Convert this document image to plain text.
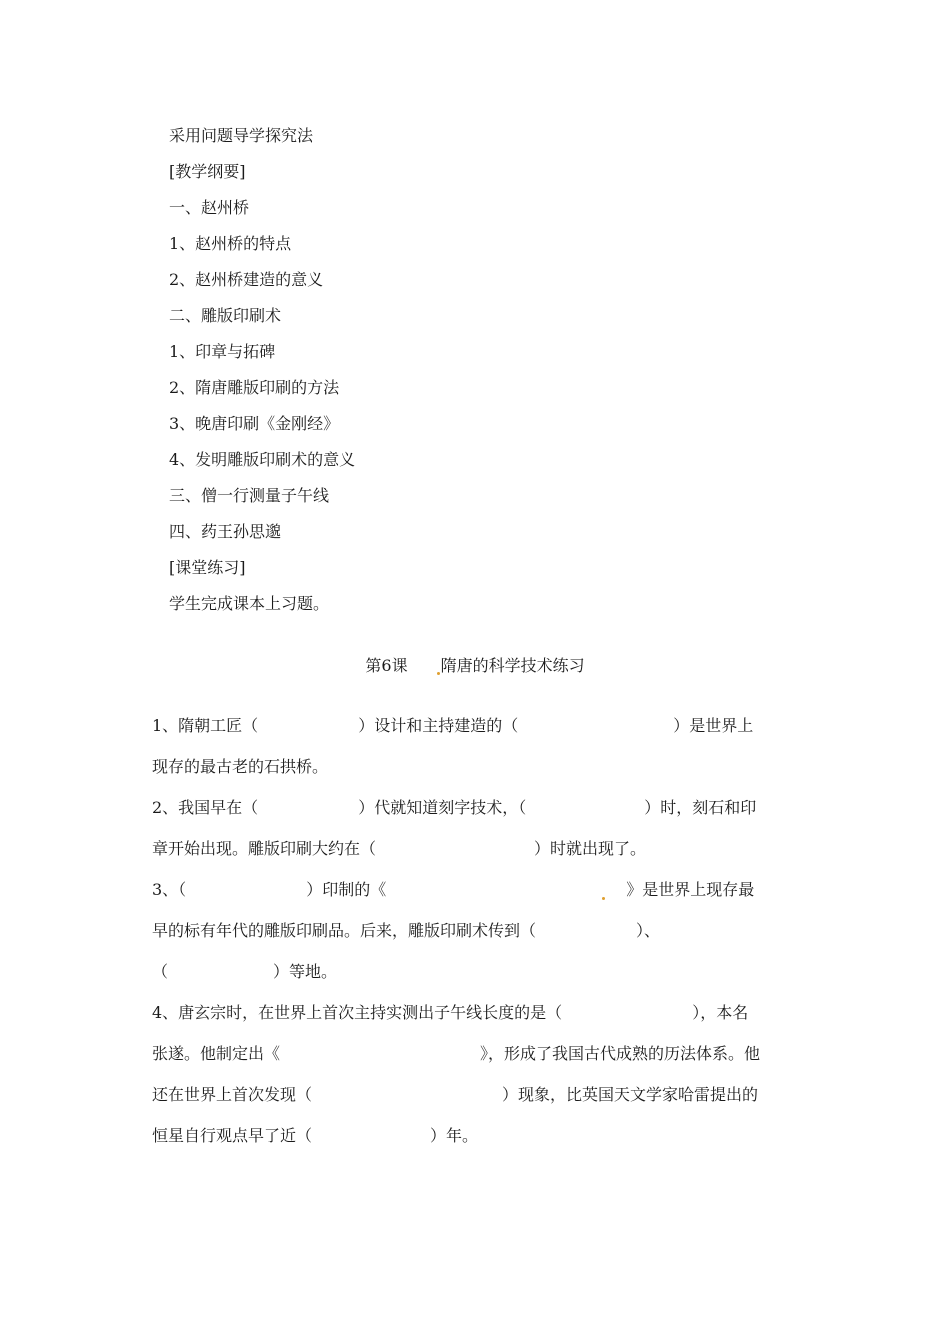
采用问题导学探究法
[教学纲要]
一、赵州桥
1、赵州桥的特点
2、赵州桥建造的意义
二、雕版印刷术
1、印章与拓碑
2、隋唐雕版印刷的方法
3、晚唐印刷《金刚经》
4、发明雕版印刷术的意义
三、僧一行测量子午线
四、药王孙思邈
[课堂练习]
学生完成课本上习题。
第6课 隋唐的科学技术练习
1、隋朝工匠（	）设计和主持建造的（	）是世界上
现存的最古老的石拱桥。
2、我国早在（	）代就知道刻字技术，（	）时，刻石和印
章开始出现。雕版印刷大约在（	）时就出现了。
3、（	）印制的《	》是世界上现存最
早的标有年代的雕版印刷品。后来，雕版印刷术传到（	）、
（	）等地。
4、唐玄宗时，在世界上首次主持实测出子午线长度的是（	），本名
张遂。他制定出《	》，形成了我国古代成熟的历法体系。他
还在世界上首次发现（	）现象，比英国天文学家哈雷提出的
恒星自行观点早了近（	）年。
